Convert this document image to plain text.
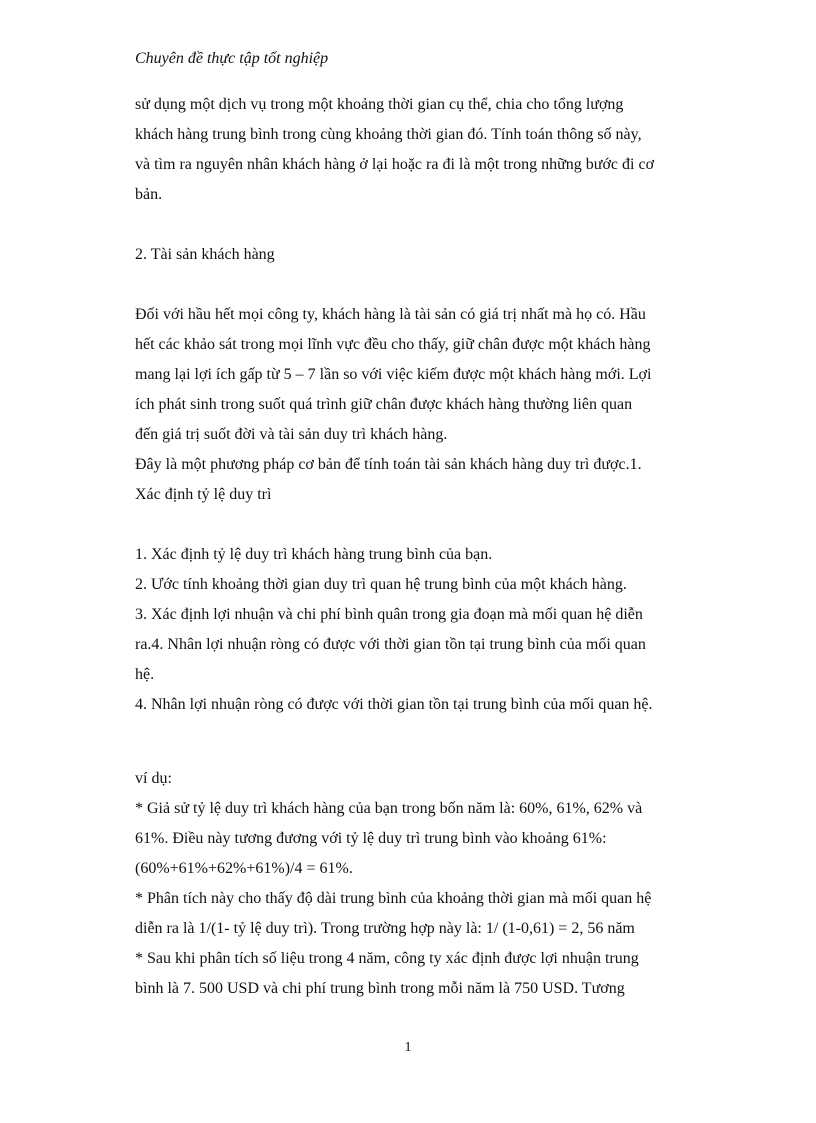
Chuyên đề thực tập tốt nghiệp
sử dụng một dịch vụ trong một khoảng thời gian cụ thể, chia cho tổng lượng
khách hàng trung bình trong cùng khoảng thời gian đó. Tính toán thông số này,
và tìm ra nguyên nhân khách hàng ở lại hoặc ra đi là một trong những bước đi cơ
bản.
2. Tài sản khách hàng
Đối với hầu hết mọi công ty, khách hàng là tài sản có giá trị nhất mà họ có. Hầu
hết các khảo sát trong mọi lĩnh vực đều cho thấy, giữ chân được một khách hàng
mang lại lợi ích gấp từ 5 – 7 lần so với việc kiếm được một khách hàng mới. Lợi
ích phát sinh trong suốt quá trình giữ chân được khách hàng thường liên quan
đến giá trị suốt đời và tài sản duy trì khách hàng.
Đây là một phương pháp cơ bản để tính toán tài sản khách hàng duy trì được.1.
Xác định tỷ lệ duy trì
1. Xác định tỷ lệ duy trì khách hàng trung bình của bạn.
2. Ước tính khoảng thời gian duy trì quan hệ trung bình của một khách hàng.
3. Xác định lợi nhuận và chi phí bình quân trong gia đoạn mà mối quan hệ diễn
ra.4. Nhân lợi nhuận ròng có được với thời gian tồn tại trung bình của mối quan
hệ.
4. Nhân lợi nhuận ròng có được với thời gian tồn tại trung bình của mối quan hệ.
ví dụ:
* Giả sử tỷ lệ duy trì khách hàng của bạn trong bốn năm là: 60%, 61%, 62% và
61%. Điều này tương đương với tỷ lệ duy trì trung bình vào khoảng 61%:
(60%+61%+62%+61%)/4 = 61%.
* Phân tích này cho thấy độ dài trung bình của khoảng thời gian mà mối quan hệ
diễn ra là 1/(1- tỷ lệ duy trì). Trong trường hợp này là: 1/ (1-0,61) = 2, 56 năm
* Sau khi phân tích số liệu trong 4 năm, công ty xác định được lợi nhuận trung
bình là 7. 500 USD và chi phí trung bình trong mỗi năm là 750 USD. Tương
1
